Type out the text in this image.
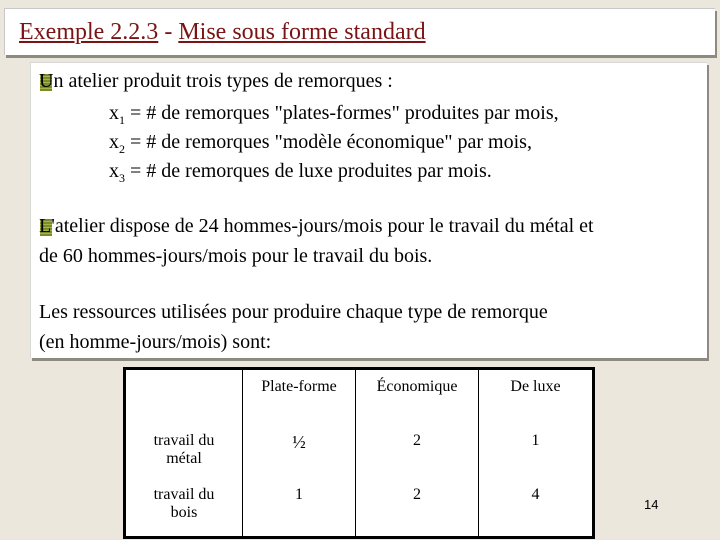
Exemple 2.2.3 - Mise sous forme standard
Un atelier produit trois types de remorques :
$x_1$ = # de remorques "plates-formes" produites par mois,
$x_2$ = # de remorques "modèle économique" par mois,
$x_3$ = # de remorques de luxe produites par mois.
L'atelier dispose de 24 hommes-jours/mois pour le travail du métal et
de 60 hommes-jours/mois pour le travail du bois.
Les ressources utilisées pour produire chaque type de remorque
(en homme-jours/mois) sont:
	Plate-forme	Économique	De luxe
travail du
métal	½	2	1
travail du
bois	1	2	4
14
